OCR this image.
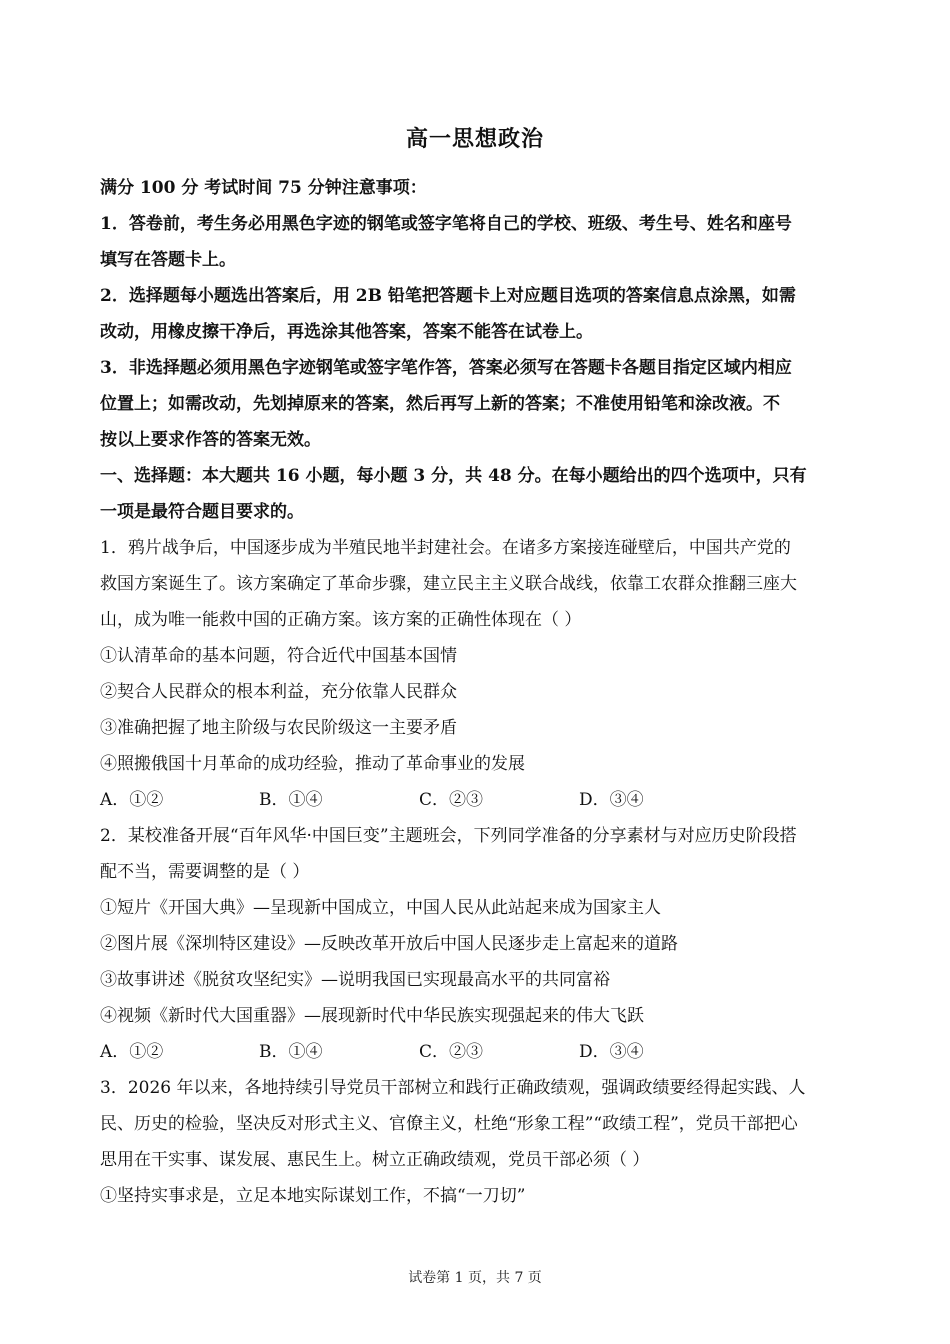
高一思想政治
满分 100 分 考试时间 75 分钟注意事项：
1．答卷前，考生务必用黑色字迹的钢笔或签字笔将自己的学校、班级、考生号、姓名和座号
填写在答题卡上。
2．选择题每小题选出答案后，用 2B 铅笔把答题卡上对应题目选项的答案信息点涂黑，如需
改动，用橡皮擦干净后，再选涂其他答案，答案不能答在试卷上。
3．非选择题必须用黑色字迹钢笔或签字笔作答，答案必须写在答题卡各题目指定区域内相应
位置上；如需改动，先划掉原来的答案，然后再写上新的答案；不准使用铅笔和涂改液。不
按以上要求作答的答案无效。
一、选择题：本大题共 16 小题，每小题 3 分，共 48 分。在每小题给出的四个选项中，只有
一项是最符合题目要求的。
1．鸦片战争后，中国逐步成为半殖民地半封建社会。在诸多方案接连碰壁后，中国共产党的
救国方案诞生了。该方案确定了革命步骤，建立民主主义联合战线，依靠工农群众推翻三座大
山，成为唯一能救中国的正确方案。该方案的正确性体现在（ ）
①认清革命的基本问题，符合近代中国基本国情
②契合人民群众的根本利益，充分依靠人民群众
③准确把握了地主阶级与农民阶级这一主要矛盾
④照搬俄国十月革命的成功经验，推动了革命事业的发展
A．①②	B．①④	C．②③	D．③④
2．某校准备开展“百年风华·中国巨变”主题班会，下列同学准备的分享素材与对应历史阶段搭
配不当，需要调整的是（ ）
①短片《开国大典》—呈现新中国成立，中国人民从此站起来成为国家主人
②图片展《深圳特区建设》—反映改革开放后中国人民逐步走上富起来的道路
③故事讲述《脱贫攻坚纪实》—说明我国已实现最高水平的共同富裕
④视频《新时代大国重器》—展现新时代中华民族实现强起来的伟大飞跃
A．①②	B．①④	C．②③	D．③④
3．2026 年以来，各地持续引导党员干部树立和践行正确政绩观，强调政绩要经得起实践、人
民、历史的检验，坚决反对形式主义、官僚主义，杜绝“形象工程”“政绩工程”，党员干部把心
思用在干实事、谋发展、惠民生上。树立正确政绩观，党员干部必须（ ）
①坚持实事求是，立足本地实际谋划工作，不搞“一刀切”
试卷第 1 页，共 7 页
